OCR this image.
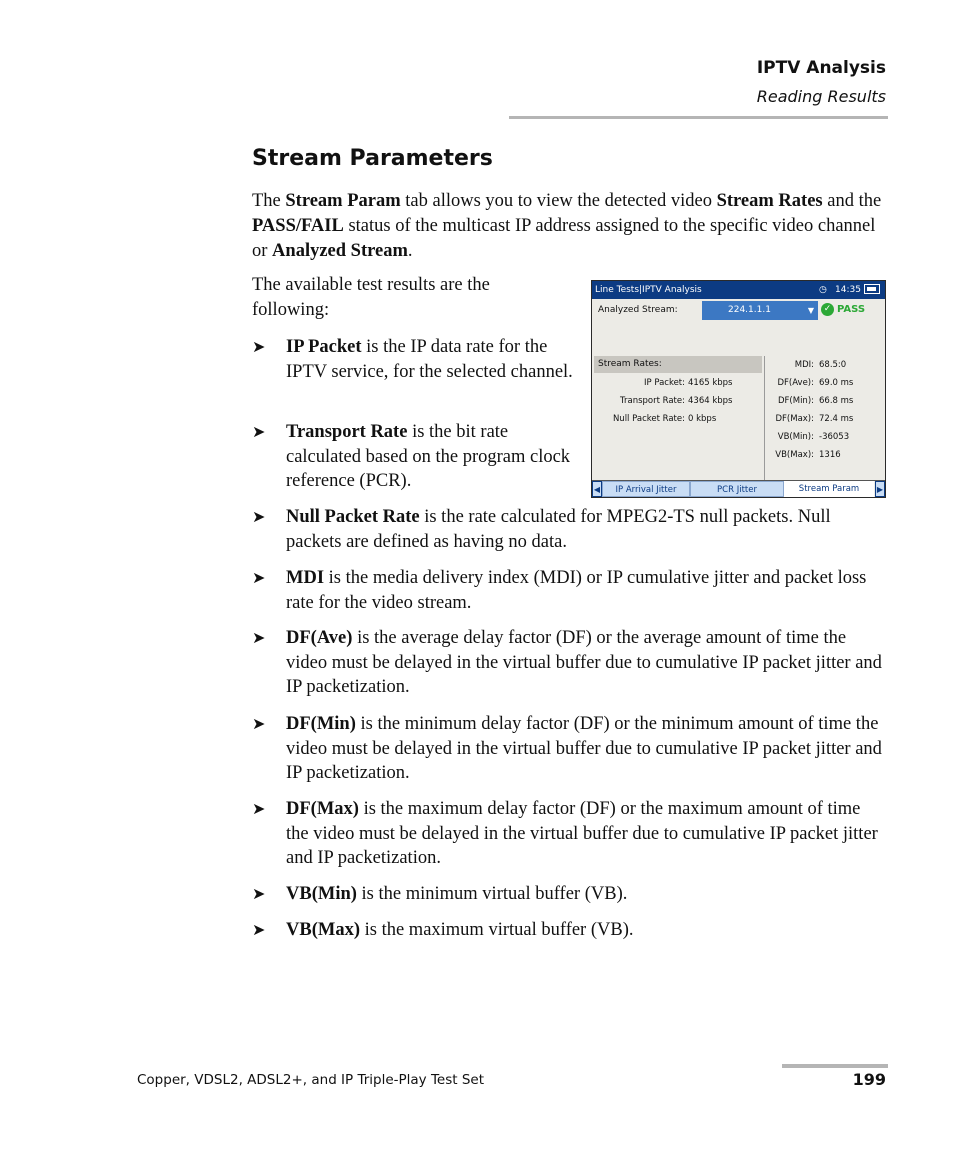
IPTV Analysis
Reading Results
Stream Parameters
The Stream Param tab allows you to view the detected video Stream Rates and the PASS/FAIL status of the multicast IP address assigned to the specific video channel or Analyzed Stream.
The available test results are the following:
➤ IP Packet is the IP data rate for the IPTV service, for the selected channel.
➤ Transport Rate is the bit rate calculated based on the program clock reference (PCR).
➤ Null Packet Rate is the rate calculated for MPEG2-TS null packets. Null packets are defined as having no data.
➤ MDI is the media delivery index (MDI) or IP cumulative jitter and packet loss rate for the video stream.
➤ DF(Ave) is the average delay factor (DF) or the average amount of time the video must be delayed in the virtual buffer due to cumulative IP packet jitter and IP packetization.
➤ DF(Min) is the minimum delay factor (DF) or the minimum amount of time the video must be delayed in the virtual buffer due to cumulative IP packet jitter and IP packetization.
➤ DF(Max) is the maximum delay factor (DF) or the maximum amount of time the video must be delayed in the virtual buffer due to cumulative IP packet jitter and IP packetization.
➤ VB(Min) is the minimum virtual buffer (VB).
➤ VB(Max) is the maximum virtual buffer (VB).
Line Tests|IPTV Analysis	◷ 14:35
Analyzed Stream:	224.1.1.1	▼	✓ PASS
Stream Rates:
IP Packet: 4165 kbps
Transport Rate: 4364 kbps
Null Packet Rate: 0 kbps
MDI: 68.5:0
DF(Ave): 69.0 ms
DF(Min): 66.8 ms
DF(Max): 72.4 ms
VB(Min): -36053
VB(Max): 1316
◀	IP Arrival Jitter	PCR Jitter	Stream Param	▶
Copper, VDSL2, ADSL2+, and IP Triple-Play Test Set	199
